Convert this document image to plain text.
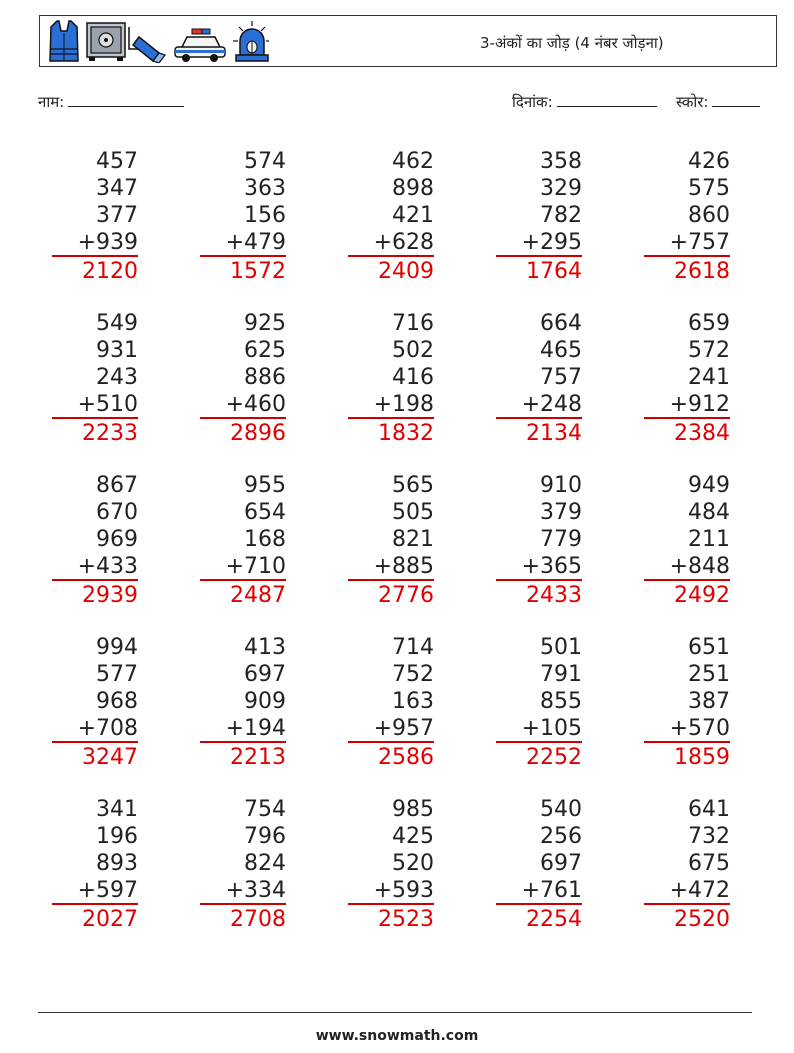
3-अंकों का जोड़ (4 नंबर जोड़ना)
नाम:	दिनांक:	स्कोर:
457
347
377
+939
2120
574
363
156
+479
1572
462
898
421
+628
2409
358
329
782
+295
1764
426
575
860
+757
2618
549
931
243
+510
2233
925
625
886
+460
2896
716
502
416
+198
1832
664
465
757
+248
2134
659
572
241
+912
2384
867
670
969
+433
2939
955
654
168
+710
2487
565
505
821
+885
2776
910
379
779
+365
2433
949
484
211
+848
2492
994
577
968
+708
3247
413
697
909
+194
2213
714
752
163
+957
2586
501
791
855
+105
2252
651
251
387
+570
1859
341
196
893
+597
2027
754
796
824
+334
2708
985
425
520
+593
2523
540
256
697
+761
2254
641
732
675
+472
2520
www.snowmath.com
